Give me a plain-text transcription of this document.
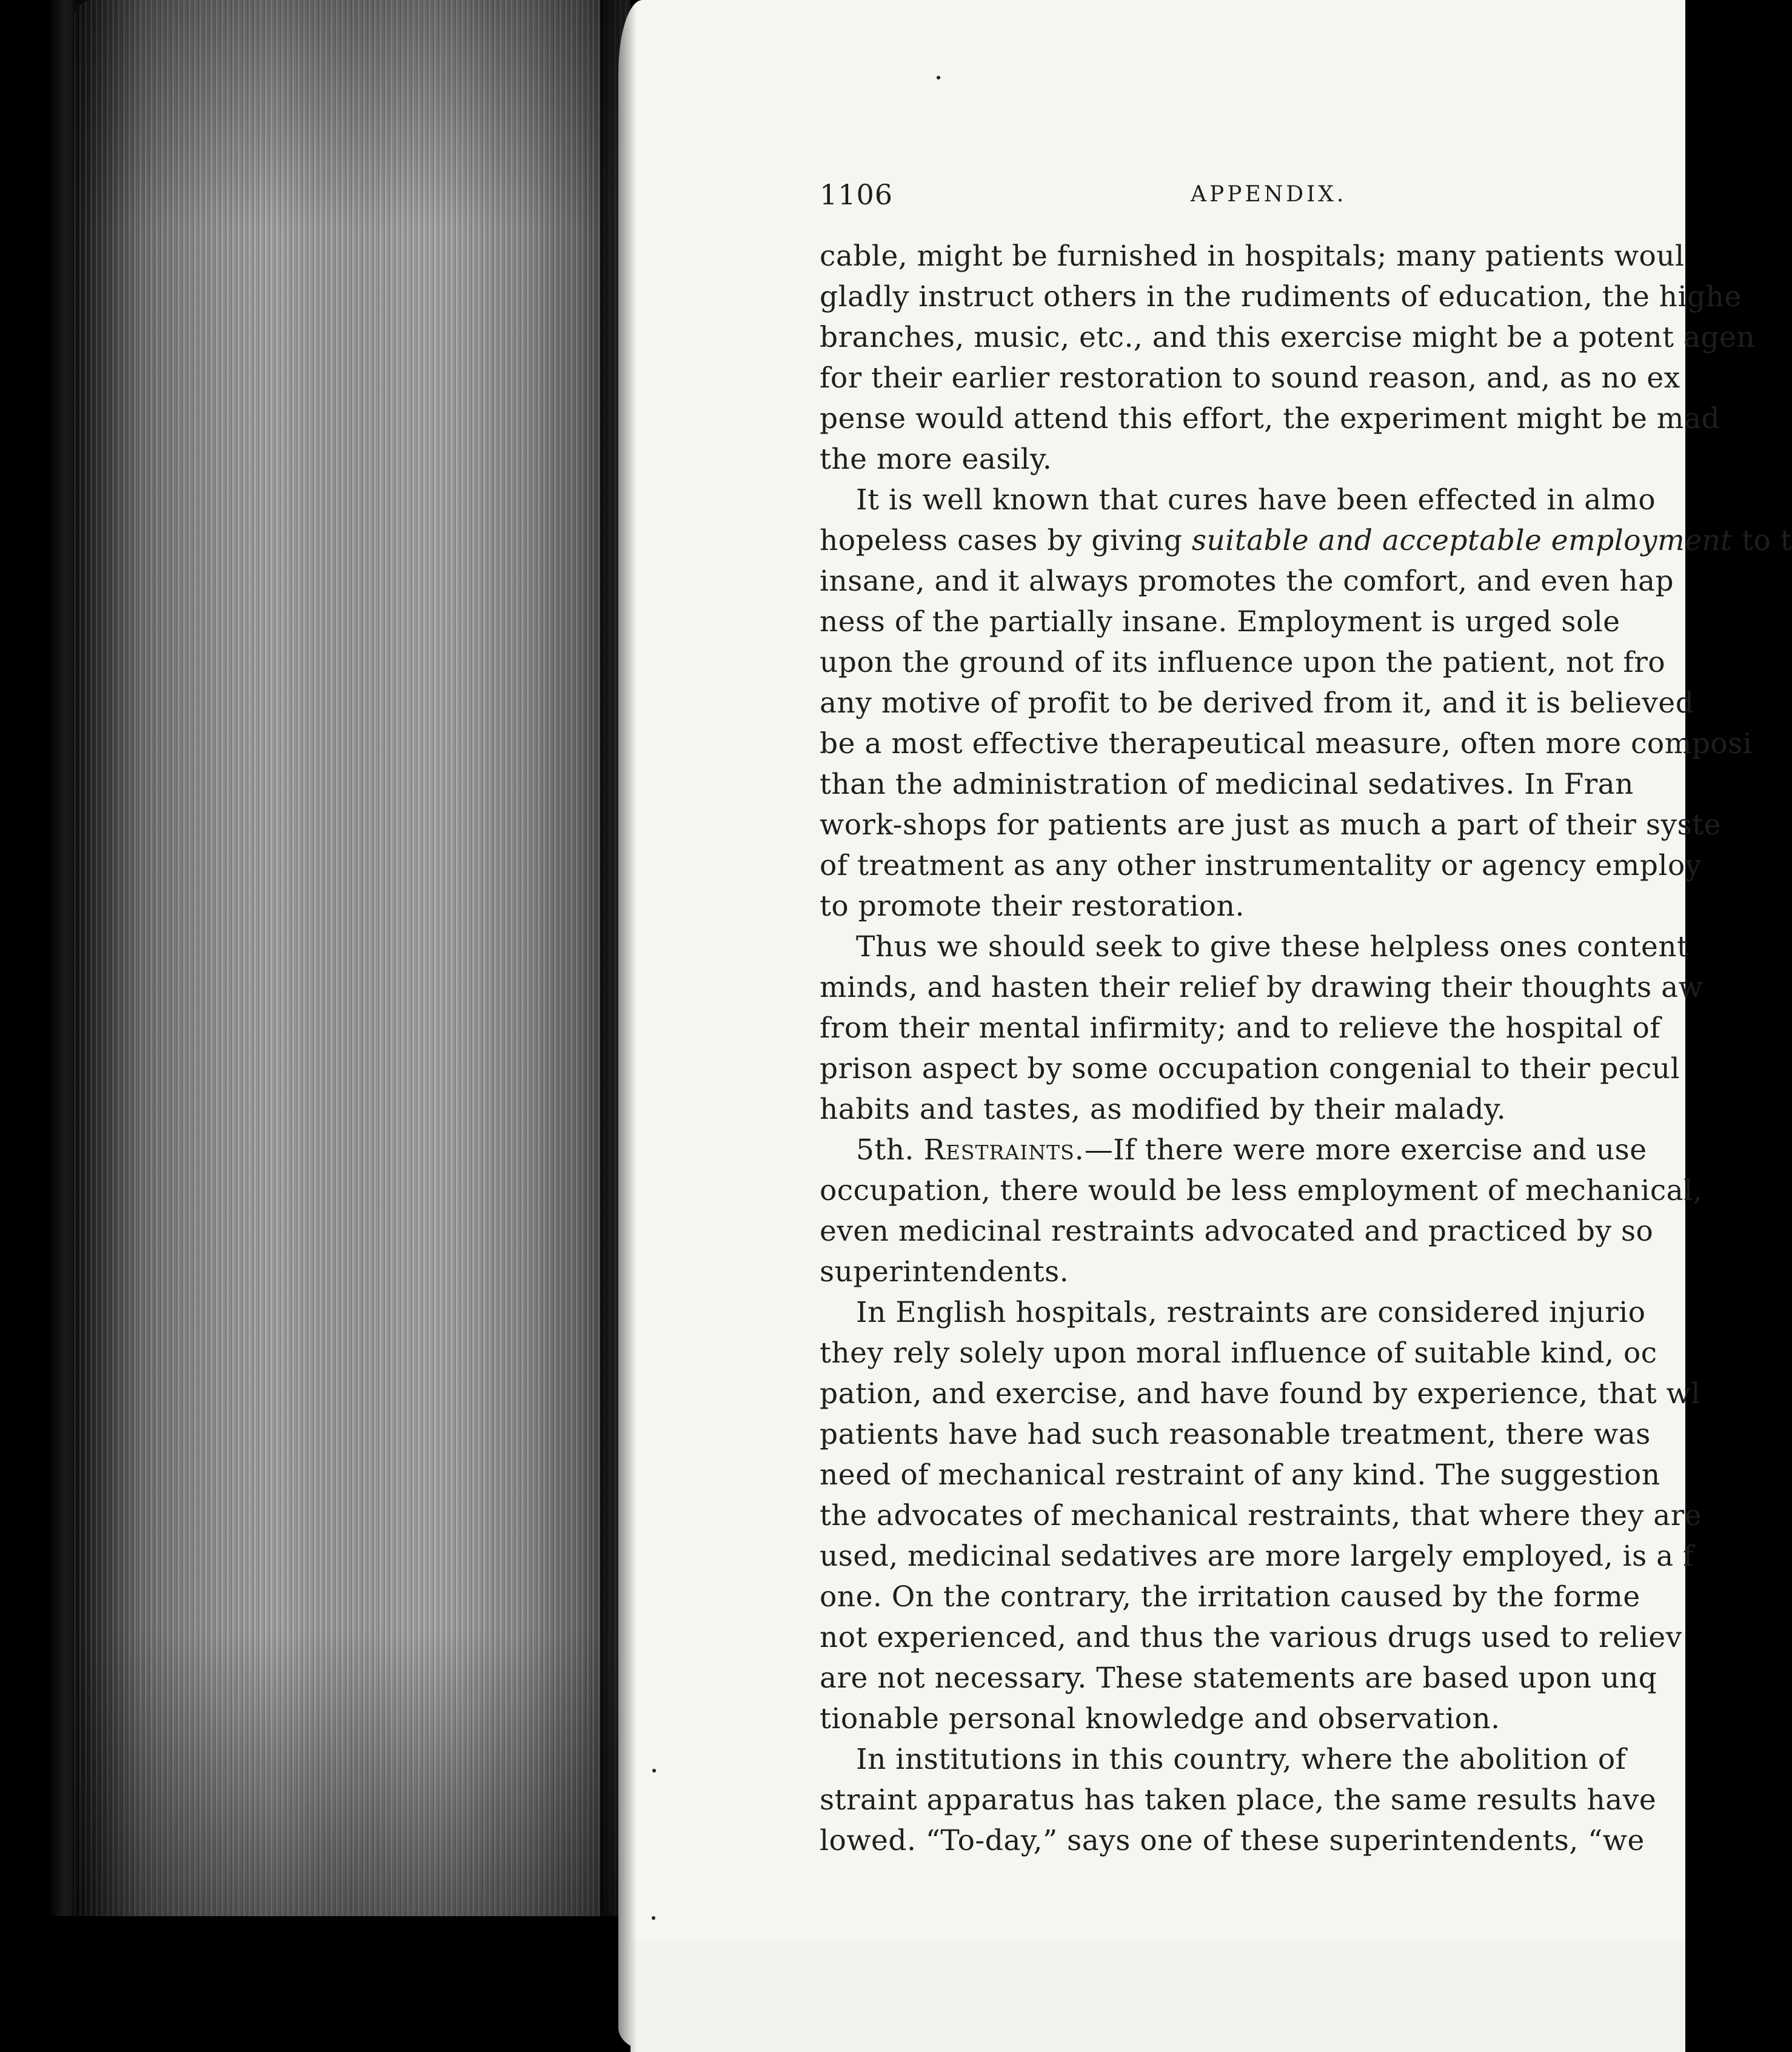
1106	APPENDIX.
cable, might be furnished in hospitals; many patients woul
gladly instruct others in the rudiments of education, the highe
branches, music, etc., and this exercise might be a potent agen
for their earlier restoration to sound reason, and, as no ex
pense would attend this effort, the experiment might be mad
the more easily.
It is well known that cures have been effected in almo
hopeless cases by giving suitable and acceptable employment to t
insane, and it always promotes the comfort, and even hap
ness of the partially insane. Employment is urged sole
upon the ground of its influence upon the patient, not fro
any motive of profit to be derived from it, and it is believed
be a most effective therapeutical measure, often more composi
than the administration of medicinal sedatives. In Fran
work-shops for patients are just as much a part of their syste
of treatment as any other instrumentality or agency employ
to promote their restoration.
Thus we should seek to give these helpless ones content
minds, and hasten their relief by drawing their thoughts aw
from their mental infirmity; and to relieve the hospital of
prison aspect by some occupation congenial to their pecul
habits and tastes, as modified by their malady.
5th. Restraints.—If there were more exercise and use
occupation, there would be less employment of mechanical,
even medicinal restraints advocated and practiced by so
superintendents.
In English hospitals, restraints are considered injurio
they rely solely upon moral influence of suitable kind, oc
pation, and exercise, and have found by experience, that wl
patients have had such reasonable treatment, there was
need of mechanical restraint of any kind. The suggestion
the advocates of mechanical restraints, that where they are
used, medicinal sedatives are more largely employed, is a f
one. On the contrary, the irritation caused by the forme
not experienced, and thus the various drugs used to reliev
are not necessary. These statements are based upon unq
tionable personal knowledge and observation.
In institutions in this country, where the abolition of
straint apparatus has taken place, the same results have
lowed. “To-day,” says one of these superintendents, “we
